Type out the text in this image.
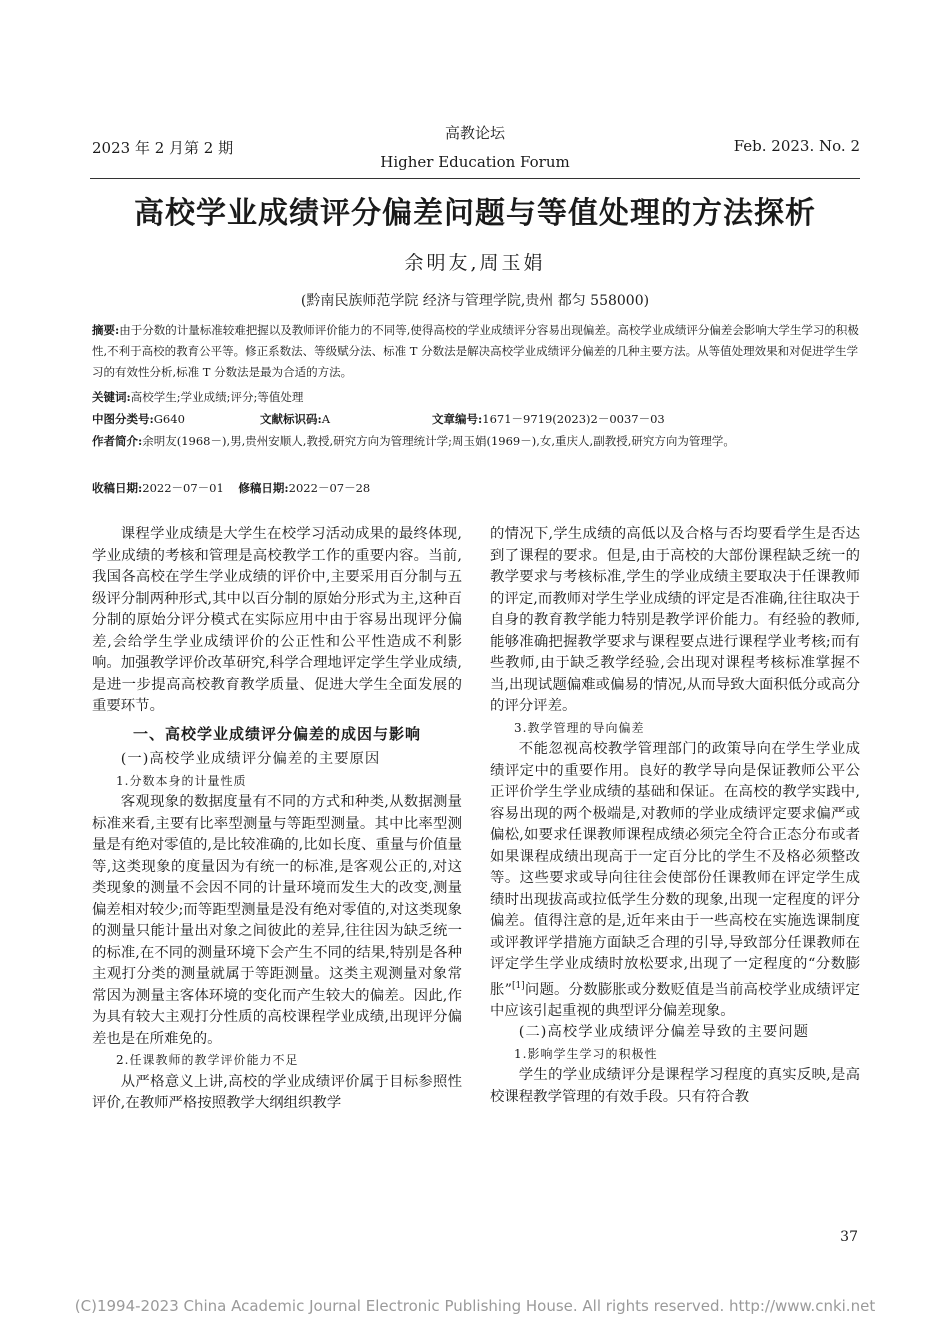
2023 年 2 月第 2 期
高教论坛
Higher Education Forum
Feb. 2023. No. 2
高校学业成绩评分偏差问题与等值处理的方法探析
余明友,周玉娟
(黔南民族师范学院 经济与管理学院,贵州 都匀 558000)
摘要:由于分数的计量标准较难把握以及教师评价能力的不同等,使得高校的学业成绩评分容易出现偏差。高校学业成绩评分偏差会影响大学生学习的积极性,不利于高校的教育公平等。修正系数法、等级赋分法、标准 T 分数法是解决高校学业成绩评分偏差的几种主要方法。从等值处理效果和对促进学生学习的有效性分析,标准 T 分数法是最为合适的方法。
关键词:高校学生;学业成绩;评分;等值处理
中图分类号:G640	文献标识码:A	文章编号:1671－9719(2023)2－0037－03
作者简介:余明友(1968－),男,贵州安顺人,教授,研究方向为管理统计学;周玉娟(1969－),女,重庆人,副教授,研究方向为管理学。
收稿日期:2022－07－01 修稿日期:2022－07－28

课程学业成绩是大学生在校学习活动成果的最终体现,学业成绩的考核和管理是高校教学工作的重要内容。当前,我国各高校在学生学业成绩的评价中,主要采用百分制与五级评分制两种形式,其中以百分制的原始分形式为主,这种百分制的原始分评分模式在实际应用中由于容易出现评分偏差,会给学生学业成绩评价的公正性和公平性造成不利影响。加强教学评价改革研究,科学合理地评定学生学业成绩,是进一步提高高校教育教学质量、促进大学生全面发展的重要环节。

一、高校学业成绩评分偏差的成因与影响

(一)高校学业成绩评分偏差的主要原因

1.分数本身的计量性质

客观现象的数据度量有不同的方式和种类,从数据测量标准来看,主要有比率型测量与等距型测量。其中比率型测量是有绝对零值的,是比较准确的,比如长度、重量与价值量等,这类现象的度量因为有统一的标准,是客观公正的,对这类现象的测量不会因不同的计量环境而发生大的改变,测量偏差相对较少;而等距型测量是没有绝对零值的,对这类现象的测量只能计量出对象之间彼此的差异,往往因为缺乏统一的标准,在不同的测量环境下会产生不同的结果,特别是各种主观打分类的测量就属于等距测量。这类主观测量对象常常因为测量主客体环境的变化而产生较大的偏差。因此,作为具有较大主观打分性质的高校课程学业成绩,出现评分偏差也是在所难免的。

2.任课教师的教学评价能力不足

从严格意义上讲,高校的学业成绩评价属于目标参照性评价,在教师严格按照教学大纲组织教学

的情况下,学生成绩的高低以及合格与否均要看学生是否达到了课程的要求。但是,由于高校的大部份课程缺乏统一的教学要求与考核标准,学生的学业成绩主要取决于任课教师的评定,而教师对学生学业成绩的评定是否准确,往往取决于自身的教育教学能力特别是教学评价能力。有经验的教师,能够准确把握教学要求与课程要点进行课程学业考核;而有些教师,由于缺乏教学经验,会出现对课程考核标准掌握不当,出现试题偏难或偏易的情况,从而导致大面积低分或高分的评分评差。

3.教学管理的导向偏差

不能忽视高校教学管理部门的政策导向在学生学业成绩评定中的重要作用。良好的教学导向是保证教师公平公正评价学生学业成绩的基础和保证。在高校的教学实践中,容易出现的两个极端是,对教师的学业成绩评定要求偏严或偏松,如要求任课教师课程成绩必须完全符合正态分布或者如果课程成绩出现高于一定百分比的学生不及格必须整改等。这些要求或导向往往会使部份任课教师在评定学生成绩时出现拔高或拉低学生分数的现象,出现一定程度的评分偏差。值得注意的是,近年来由于一些高校在实施选课制度或评教评学措施方面缺乏合理的引导,导致部分任课教师在评定学生学业成绩时放松要求,出现了一定程度的“分数膨胀”[1]问题。分数膨胀或分数贬值是当前高校学业成绩评定中应该引起重视的典型评分偏差现象。

(二)高校学业成绩评分偏差导致的主要问题

1.影响学生学习的积极性

学生的学业成绩评分是课程学习程度的真实反映,是高校课程教学管理的有效手段。只有符合教

37
(C)1994-2023 China Academic Journal Electronic Publishing House. All rights reserved. http://www.cnki.net
